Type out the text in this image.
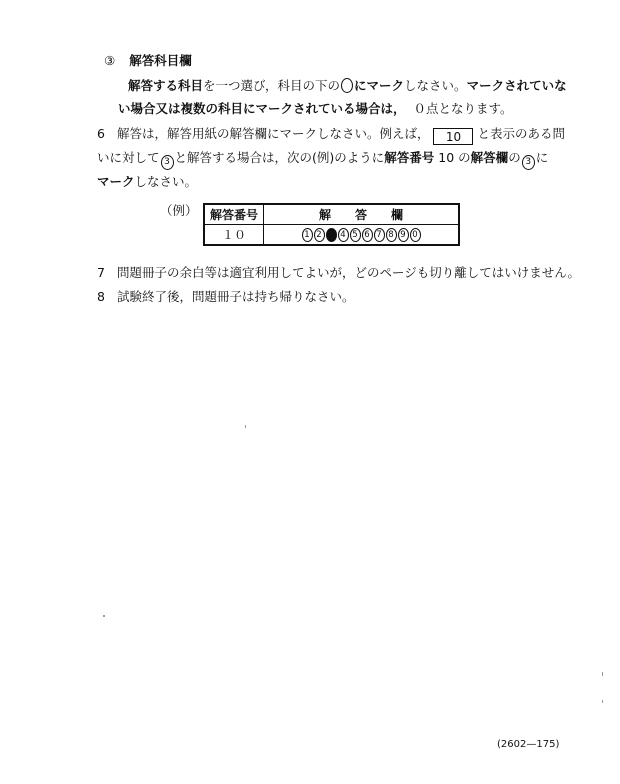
③ 解答科目欄
解答する科目を一つ選び，科目の下の にマークしなさい。マークされていな
い場合又は複数の科目にマークされている場合は， ０点となります。
6 解答は，解答用紙の解答欄にマークしなさい。例えば， 10 と表示のある問
いに対して 3 と解答する場合は，次の(例)のように解答番号 10 の解答欄の 3 に
マークしなさい。
（例） 解答番号	解　　答　　欄
１０	1 2 3 4 5 6 7 8 9 0
7 問題冊子の余白等は適宜利用してよいが，どのページも切り離してはいけません。
8 試験終了後，問題冊子は持ち帰りなさい。
(2602—175)
